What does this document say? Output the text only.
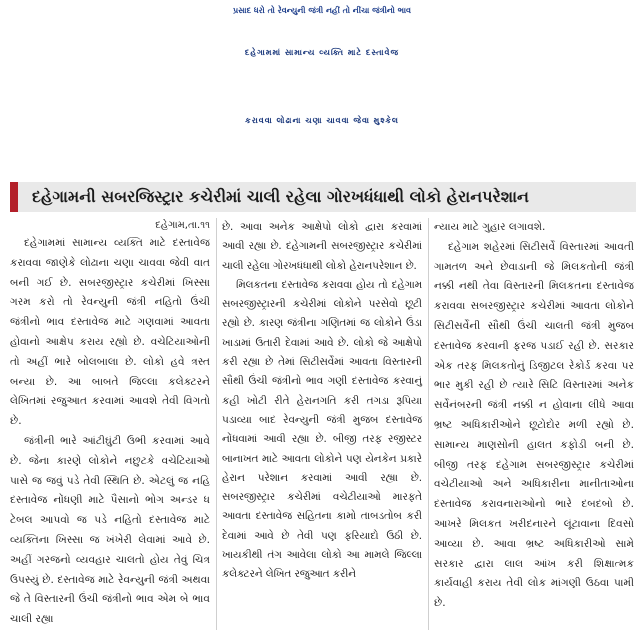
પ્રસાદ ધરો તો રેવન્યુની જંત્રી નહીં તો નીંચા જંત્રીનો ભાવ
દહેગામમાં સામાન્ય વ્યક્તિ માટે દસ્તાવેજ
કરાવવા લોઢાના ચણા ચાવવા જેવા મુશ્કેલ
દહેગામની સબરજિસ્ટ્રાર કચેરીમાં ચાલી રહેલા ગોરખધંધાથી લોકો હેરાનપરેશાન
દહેગામ,તા.૧૧

દહેગામમાં સામાન્ય વ્યક્તિ માટે દસ્તાવેજ કરાવવા જાણેકે લોઢાના ચણા ચાવવા જેવી વાત બની ગઈ છે. સબરજીસ્ટ્રાર કચેરીમાં ખિસ્સા ગરમ કરો તો રેવન્યુની જંત્રી નહિતો ઉંચી જંત્રીનો ભાવ દસ્તાવેજ માટે ગણવામાં આવતા હોવાનો આક્ષેપ કરાય રહ્યો છે. વચેટિયાઓની તો અહીં ભારે બોલબાલા છે. લોકો હવે ત્રસ્ત બન્યા છે. આ બાબતે જિલ્લા કલેક્ટરને લેખિતમાં રજુઆત કરવામાં આવશે તેવી વિગતો છે.

જંત્રીની ભારે આંટીઘુંટી ઉભી કરવામાં આવે છે. જેના કારણે લોકોને નછુટકે વચેટિયાઓ પાસે જ જવું પડે તેવી સ્થિતિ છે. એટલું જ નહિ દસ્તાવેજ નોંધણી માટે પૈસાનો ભોગ અન્ડર ધ ટેબલ આપવો જ પડે નહિતો દસ્તાવેજ માટે વ્યક્તિના ખિસ્સા જ ખંખેરી લેવામાં આવે છે. અહીં ગરજનો વ્યવહાર ચાલતો હોય તેવું ચિત્ર ઉપસ્યું છે. દસ્તાવેજ માટે રેવન્યુની જંત્રી અથવા જે તે વિસ્તારની ઉંચી જંત્રીનો ભાવ એમ બે ભાવ ચાલી રહ્યા

છે. આવા અનેક આક્ષેપો લોકો દ્વારા કરવામાં આવી રહ્યા છે. દહેગામની સબરજીસ્ટ્રાર કચેરીમાં ચાલી રહેલા ગોરખધંધાથી લોકો હેરાનપરેશાન છે.

મિલકતના દસ્તાવેજ કરાવવા હોય તો દહેગામ સબરજીસ્ટ્રારની કચેરીમાં લોકોને પરસેવો છૂટી રહ્યો છે. કારણ જંત્રીના ગણિતમાં જ લોકોને ઉંડા ખાડામાં ઉતારી દેવામાં આવે છે. લોકો જે આક્ષેપો કરી રહ્યા છે તેમાં સિટીસર્વેમાં આવતા વિસ્તારની સૌથી ઉંચી જંત્રીનો ભાવ ગણી દસ્તાવેજ કરવાનું કહી ખોટી રીતે હેરાનગતિ કરી તગડા રૂપિયા પડાવ્યા બાદ રેવન્યુની જંત્રી મુજબ દસ્તાવેજ નોંધવામાં આવી રહ્યા છે. બીજી તરફ રજીસ્ટર બાનાખત માટે આવતા લોકોને પણ યેનકેન પ્રકારે હેરાન પરેશાન કરવામાં આવી રહ્યા છે. સબરજીસ્ટ્રાર કચેરીમાં વચેટીયાઓ મારફતે આવતા દસ્તાવેજ સહિતના કામો તાબડતોબ કરી દેવામાં આવે છે તેવી પણ ફરિયાદો ઉઠી છે. ખાયકીથી તંગ આવેલા લોકો આ મામલે જિલ્લા કલેક્ટરને લેખિત રજુઆત કરીને

ન્યાય માટે ગુહાર લગાવશે.

દહેગામ શહેરમાં સિટીસર્વે વિસ્તારમાં આવતી ગામતળ અને છેવાડાની જે મિલકતોની જંત્રી નક્કી નથી તેવા વિસ્તારની મિલકતના દસ્તાવેજ કરાવવા સબરજીસ્ટ્રાર કચેરીમાં આવતા લોકોને સિટીસર્વેની સૌથી ઉંચી ચાલતી જંત્રી મુજબ દસ્તાવેજ કરવાની ફરજ પડાઈ રહી છે. સરકાર એક તરફ મિલકતોનું ડિજીટલ રેકોર્ડ કરવા પર ભાર મુકી રહી છે ત્યારે સિટિ વિસ્તારમાં અનેક સર્વેનંબરની જંત્રી નક્કી ન હોવાના લીધે આવા ભ્રષ્ટ અધિકારીઓને છૂટોદોર મળી રહ્યો છે. સામાન્ય માણસોની હાલત કફોડી બની છે. બીજી તરફ દહેગામ સબરજીસ્ટ્રાર કચેરીમાં વચેટીયાઓ અને અધિકારીના માનીતાઓના દસ્તાવેજ કરાવનારાઓનો ભારે દબદબો છે. આખરે મિલકત ખરીદનારને લૂંટાવાના દિવસો આવ્યા છે. આવા ભ્રષ્ટ અધિકારીઓ સામે સરકાર દ્વારા લાલ આંખ કરી શિક્ષાત્મક કાર્યવાહી કરાય તેવી લોક માંગણી ઉઠવા પામી છે.
